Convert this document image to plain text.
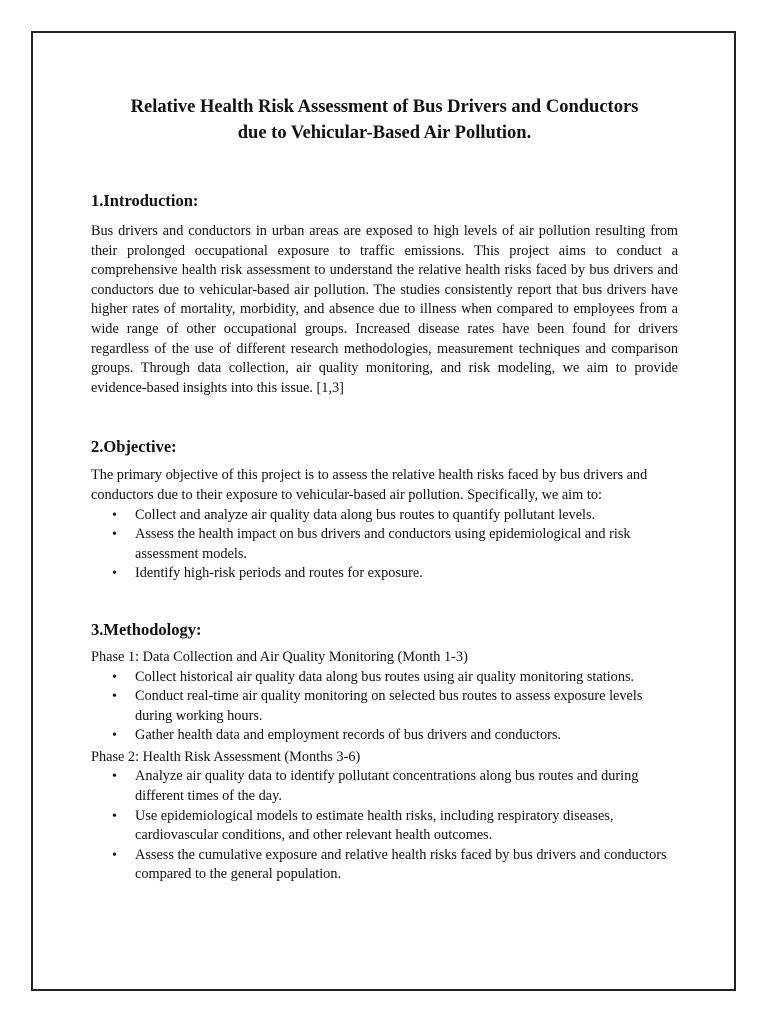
Relative Health Risk Assessment of Bus Drivers and Conductors
due to Vehicular-Based Air Pollution.
1.Introduction:

Bus drivers and conductors in urban areas are exposed to high levels of air pollution resulting from their prolonged occupational exposure to traffic emissions. This project aims to conduct a comprehensive health risk assessment to understand the relative health risks faced by bus drivers and conductors due to vehicular-based air pollution. The studies consistently report that bus drivers have higher rates of mortality, morbidity, and absence due to illness when compared to employees from a wide range of other occupational groups. Increased disease rates have been found for drivers regardless of the use of different research methodologies, measurement techniques and comparison groups. Through data collection, air quality monitoring, and risk modeling, we aim to provide evidence-based insights into this issue. [1,3]

2.Objective:

The primary objective of this project is to assess the relative health risks faced by bus drivers and conductors due to their exposure to vehicular-based air pollution. Specifically, we aim to:

• Collect and analyze air quality data along bus routes to quantify pollutant levels.
• Assess the health impact on bus drivers and conductors using epidemiological and risk assessment models.
• Identify high-risk periods and routes for exposure.
3.Methodology:

Phase 1: Data Collection and Air Quality Monitoring (Month 1-3)

• Collect historical air quality data along bus routes using air quality monitoring stations.
• Conduct real-time air quality monitoring on selected bus routes to assess exposure levels during working hours.
• Gather health data and employment records of bus drivers and conductors.

Phase 2: Health Risk Assessment (Months 3-6)

• Analyze air quality data to identify pollutant concentrations along bus routes and during different times of the day.
• Use epidemiological models to estimate health risks, including respiratory diseases, cardiovascular conditions, and other relevant health outcomes.
• Assess the cumulative exposure and relative health risks faced by bus drivers and conductors compared to the general population.
